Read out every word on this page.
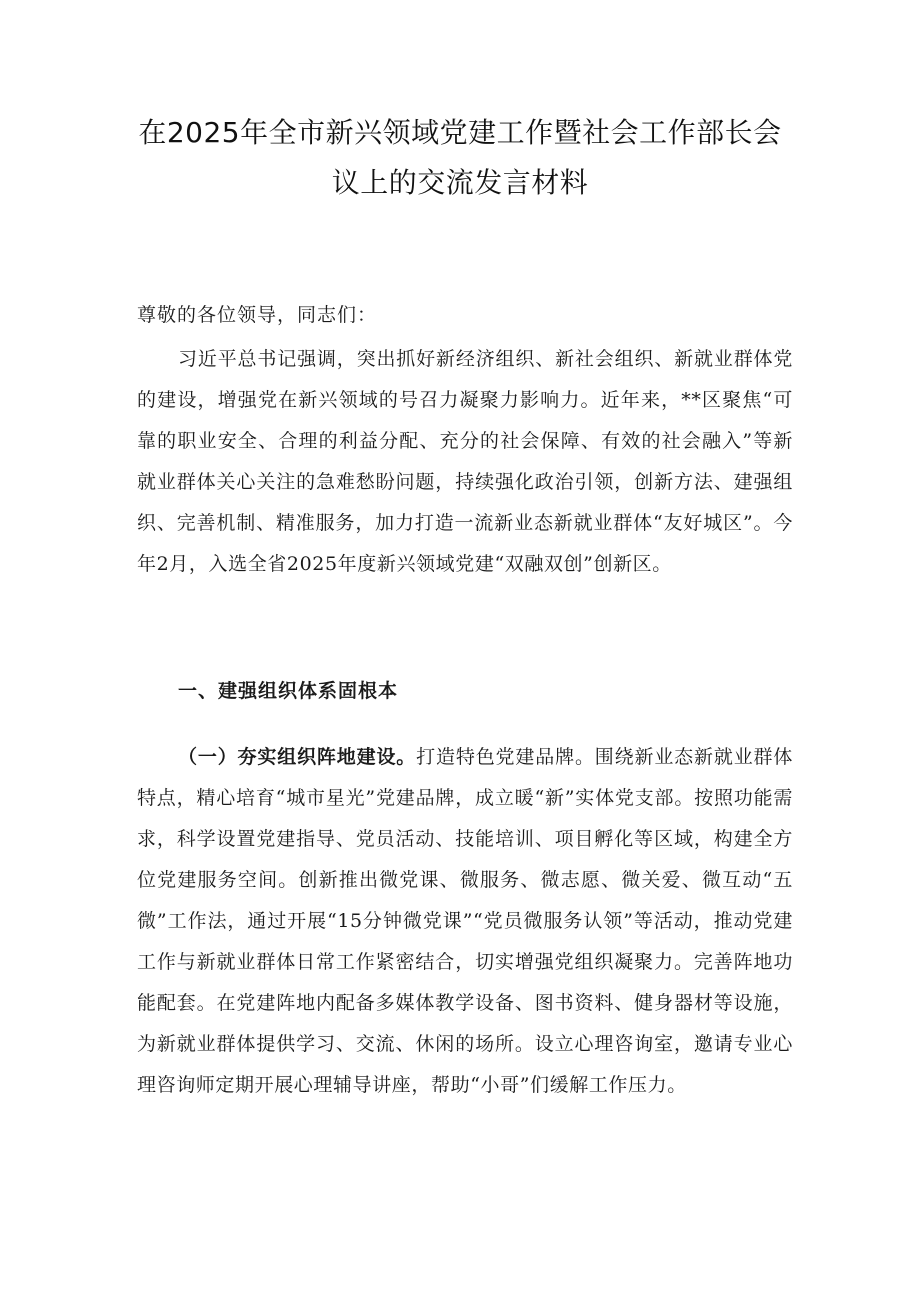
在2025年全市新兴领域党建工作暨社会工作部长会
议上的交流发言材料
尊敬的各位领导，同志们：
习近平总书记强调，突出抓好新经济组织、新社会组织、新就业群体党的建设，增强党在新兴领域的号召力凝聚力影响力。近年来，**区聚焦“可靠的职业安全、合理的利益分配、充分的社会保障、有效的社会融入”等新就业群体关心关注的急难愁盼问题，持续强化政治引领，创新方法、建强组织、完善机制、精准服务，加力打造一流新业态新就业群体“友好城区”。今年2月，入选全省2025年度新兴领域党建“双融双创”创新区。
一、建强组织体系固根本
（一）夯实组织阵地建设。打造特色党建品牌。围绕新业态新就业群体特点，精心培育“城市星光”党建品牌，成立暖“新”实体党支部。按照功能需求，科学设置党建指导、党员活动、技能培训、项目孵化等区域，构建全方位党建服务空间。创新推出微党课、微服务、微志愿、微关爱、微互动“五微”工作法，通过开展“15分钟微党课”“党员微服务认领”等活动，推动党建工作与新就业群体日常工作紧密结合，切实增强党组织凝聚力。完善阵地功能配套。在党建阵地内配备多媒体教学设备、图书资料、健身器材等设施，为新就业群体提供学习、交流、休闲的场所。设立心理咨询室，邀请专业心理咨询师定期开展心理辅导讲座，帮助“小哥”们缓解工作压力。
